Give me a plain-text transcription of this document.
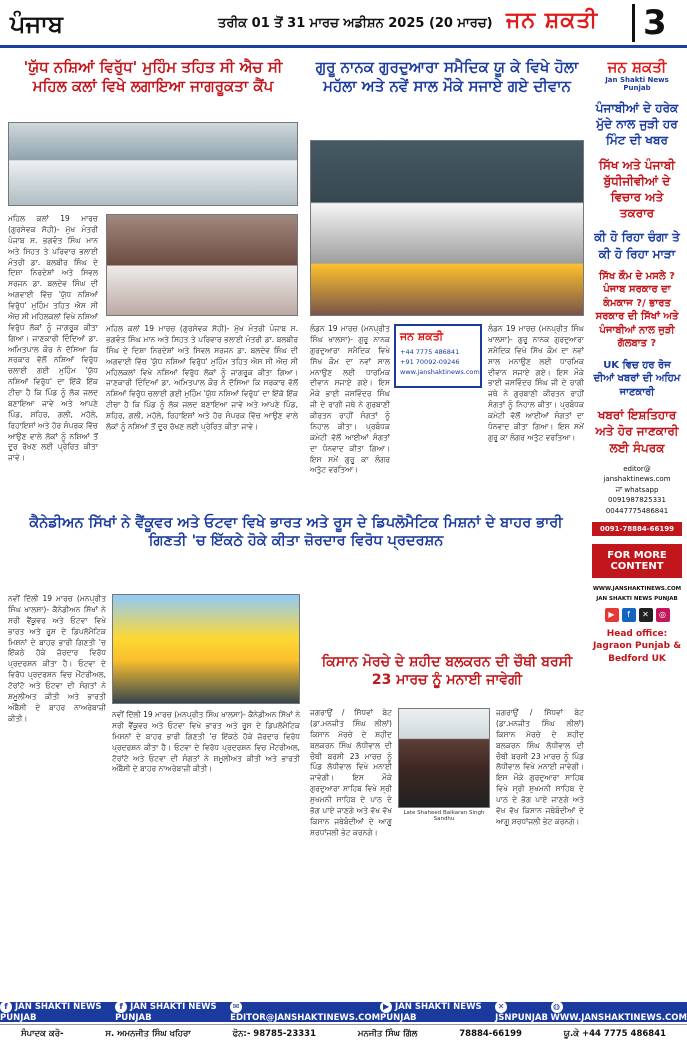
ਪੰਜਾਬ	ਤਰੀਕ 01 ਤੋਂ 31 ਮਾਰਚ ਅਡੀਸ਼ਨ 2025 (20 ਮਾਰਚ) ਜਨ ਸ਼ਕਤੀ	3
'ਯੁੱਧ ਨਸ਼ਿਆਂ ਵਿਰੁੱਧ' ਮੁਹਿੰਮ ਤਹਿਤ ਸੀ ਐਚ ਸੀ ਮਹਿਲ ਕਲਾਂ ਵਿਖੇ ਲਗਾਇਆ ਜਾਗਰੂਕਤਾ ਕੈਂਪ
ਮਹਿਲ ਕਲਾਂ 19 ਮਾਰਚ (ਗੁਰਸੇਵਕ ਸੋਹੀ)- ਮੁੱਖ ਮੰਤਰੀ ਪੰਜਾਬ ਸ. ਭਗਵੰਤ ਸਿੰਘ ਮਾਨ ਅਤੇ ਸਿਹਤ ਤੇ ਪਰਿਵਾਰ ਭਲਾਈ ਮੰਤਰੀ ਡਾ. ਬਲਬੀਰ ਸਿੰਘ ਦੇ ਦਿਸ਼ਾ ਨਿਰਦੇਸ਼ਾਂ ਅਤੇ ਸਿਵਲ ਸਰਜਨ ਡਾ. ਬਲਦੇਵ ਸਿੰਘ ਦੀ ਅਗਵਾਈ ਵਿੱਚ 'ਯੁੱਧ ਨਸ਼ਿਆਂ ਵਿਰੁੱਧ' ਮੁਹਿੰਮ ਤਹਿਤ ਐਸ ਸੀ ਐਚ ਸੀ ਮਹਿਲਕਲਾਂ ਵਿਖੇ ਨਸ਼ਿਆਂ ਵਿਰੁੱਧ ਲੋਕਾਂ ਨੂੰ ਜਾਗਰੂਕ ਕੀਤਾ ਗਿਆ। ਜਾਣਕਾਰੀ ਦਿੰਦਿਆਂ ਡਾ. ਅਮਿਤਪਾਲ ਕੌਰ ਨੇ ਦੱਸਿਆ ਕਿ ਸਰਕਾਰ ਵੱਲੋਂ ਨਸ਼ਿਆਂ ਵਿਰੁੱਧ ਚਲਾਈ ਗਈ ਮੁਹਿੰਮ 'ਯੁੱਧ ਨਸ਼ਿਆਂ ਵਿਰੁੱਧ' ਦਾ ਇੱਕੋ ਇੱਕ ਟੀਚਾ ਹੈ ਕਿ ਪਿੰਡ ਨੂੰ ਲੋਕ ਜਲਦ ਬਣਾਇਆ ਜਾਵੇ ਅਤੇ ਆਪਣੇ ਪਿੰਡ, ਸ਼ਹਿਰ, ਗਲੀ, ਮਹੱਲੇ, ਰਿਹਾਇਸ਼ਾਂ ਅਤੇ ਹੋਰ ਸੰਪਰਕ ਵਿੱਚ ਆਉਣ ਵਾਲੇ ਲੋਕਾਂ ਨੂੰ ਨਸ਼ਿਆਂ ਤੋਂ ਦੂਰ ਰੱਖਣ ਲਈ ਪ੍ਰੇਰਿਤ ਕੀਤਾ ਜਾਵੇ।
ਮਹਿਲ ਕਲਾਂ 19 ਮਾਰਚ (ਗੁਰਸੇਵਕ ਸੋਹੀ)- ਮੁੱਖ ਮੰਤਰੀ ਪੰਜਾਬ ਸ. ਭਗਵੰਤ ਸਿੰਘ ਮਾਨ ਅਤੇ ਸਿਹਤ ਤੇ ਪਰਿਵਾਰ ਭਲਾਈ ਮੰਤਰੀ ਡਾ. ਬਲਬੀਰ ਸਿੰਘ ਦੇ ਦਿਸ਼ਾ ਨਿਰਦੇਸ਼ਾਂ ਅਤੇ ਸਿਵਲ ਸਰਜਨ ਡਾ. ਬਲਦੇਵ ਸਿੰਘ ਦੀ ਅਗਵਾਈ ਵਿੱਚ 'ਯੁੱਧ ਨਸ਼ਿਆਂ ਵਿਰੁੱਧ' ਮੁਹਿੰਮ ਤਹਿਤ ਐਸ ਸੀ ਐਚ ਸੀ ਮਹਿਲਕਲਾਂ ਵਿਖੇ ਨਸ਼ਿਆਂ ਵਿਰੁੱਧ ਲੋਕਾਂ ਨੂੰ ਜਾਗਰੂਕ ਕੀਤਾ ਗਿਆ। ਜਾਣਕਾਰੀ ਦਿੰਦਿਆਂ ਡਾ. ਅਮਿਤਪਾਲ ਕੌਰ ਨੇ ਦੱਸਿਆ ਕਿ ਸਰਕਾਰ ਵੱਲੋਂ ਨਸ਼ਿਆਂ ਵਿਰੁੱਧ ਚਲਾਈ ਗਈ ਮੁਹਿੰਮ 'ਯੁੱਧ ਨਸ਼ਿਆਂ ਵਿਰੁੱਧ' ਦਾ ਇੱਕੋ ਇੱਕ ਟੀਚਾ ਹੈ ਕਿ ਪਿੰਡ ਨੂੰ ਲੋਕ ਜਲਦ ਬਣਾਇਆ ਜਾਵੇ ਅਤੇ ਆਪਣੇ ਪਿੰਡ, ਸ਼ਹਿਰ, ਗਲੀ, ਮਹੱਲੇ, ਰਿਹਾਇਸ਼ਾਂ ਅਤੇ ਹੋਰ ਸੰਪਰਕ ਵਿੱਚ ਆਉਣ ਵਾਲੇ ਲੋਕਾਂ ਨੂੰ ਨਸ਼ਿਆਂ ਤੋਂ ਦੂਰ ਰੱਖਣ ਲਈ ਪ੍ਰੇਰਿਤ ਕੀਤਾ ਜਾਵੇ।
ਗੁਰੂ ਨਾਨਕ ਗੁਰਦੁਆਰਾ ਸਮੈਦਿਕ ਯੂ ਕੇ ਵਿਖੇ ਹੋਲਾ ਮਹੱਲਾ ਅਤੇ ਨਵੇਂ ਸਾਲ ਮੌਕੇ ਸਜਾਏ ਗਏ ਦੀਵਾਨ
ਲੰਡਨ 19 ਮਾਰਚ (ਮਨਪ੍ਰੀਤ ਸਿੰਘ ਖਾਲਸਾ)- ਗੁਰੂ ਨਾਨਕ ਗੁਰਦੁਆਰਾ ਸਮੈਦਿਕ ਵਿਖੇ ਸਿੱਖ ਕੌਮ ਦਾ ਨਵਾਂ ਸਾਲ ਮਨਾਉਣ ਲਈ ਧਾਰਮਿਕ ਦੀਵਾਨ ਸਜਾਏ ਗਏ। ਇਸ ਮੌਕੇ ਭਾਈ ਜਸਵਿੰਦਰ ਸਿੰਘ ਜੀ ਦੇ ਰਾਗੀ ਜਥੇ ਨੇ ਗੁਰਬਾਣੀ ਕੀਰਤਨ ਰਾਹੀਂ ਸੰਗਤਾਂ ਨੂੰ ਨਿਹਾਲ ਕੀਤਾ। ਪ੍ਰਬੰਧਕ ਕਮੇਟੀ ਵੱਲੋਂ ਆਈਆਂ ਸੰਗਤਾਂ ਦਾ ਧੰਨਵਾਦ ਕੀਤਾ ਗਿਆ। ਇਸ ਸਮੇਂ ਗੁਰੂ ਕਾ ਲੰਗਰ ਅਤੁੱਟ ਵਰਤਿਆ।
ਲੰਡਨ 19 ਮਾਰਚ (ਮਨਪ੍ਰੀਤ ਸਿੰਘ ਖਾਲਸਾ)- ਗੁਰੂ ਨਾਨਕ ਗੁਰਦੁਆਰਾ ਸਮੈਦਿਕ ਵਿਖੇ ਸਿੱਖ ਕੌਮ ਦਾ ਨਵਾਂ ਸਾਲ ਮਨਾਉਣ ਲਈ ਧਾਰਮਿਕ ਦੀਵਾਨ ਸਜਾਏ ਗਏ। ਇਸ ਮੌਕੇ ਭਾਈ ਜਸਵਿੰਦਰ ਸਿੰਘ ਜੀ ਦੇ ਰਾਗੀ ਜਥੇ ਨੇ ਗੁਰਬਾਣੀ ਕੀਰਤਨ ਰਾਹੀਂ ਸੰਗਤਾਂ ਨੂੰ ਨਿਹਾਲ ਕੀਤਾ। ਪ੍ਰਬੰਧਕ ਕਮੇਟੀ ਵੱਲੋਂ ਆਈਆਂ ਸੰਗਤਾਂ ਦਾ ਧੰਨਵਾਦ ਕੀਤਾ ਗਿਆ। ਇਸ ਸਮੇਂ ਗੁਰੂ ਕਾ ਲੰਗਰ ਅਤੁੱਟ ਵਰਤਿਆ।
ਜਨ ਸ਼ਕਤੀ
+44 7775 486841
+91 70092-09246
www.janshaktinews.com
ਕੈਨੇਡੀਅਨ ਸਿੱਖਾਂ ਨੇ ਵੈਂਕੂਵਰ ਅਤੇ ਓਟਵਾ ਵਿਖੇ ਭਾਰਤ ਅਤੇ ਰੂਸ ਦੇ ਡਿਪਲੋਮੈਟਿਕ ਮਿਸ਼ਨਾਂ ਦੇ ਬਾਹਰ ਭਾਰੀ ਗਿਣਤੀ 'ਚ ਇੱਕਠੇ ਹੋਕੇ ਕੀਤਾ ਜ਼ੋਰਦਾਰ ਵਿਰੋਧ ਪ੍ਰਦਰਸ਼ਨ
ਨਵੀਂ ਦਿੱਲੀ 19 ਮਾਰਚ (ਮਨਪ੍ਰੀਤ ਸਿੰਘ ਖਾਲਸਾ)- ਕੈਨੇਡੀਅਨ ਸਿੱਖਾਂ ਨੇ ਸਰੀ ਵੈਂਕੂਵਰ ਅਤੇ ਓਟਵਾ ਵਿਖੇ ਭਾਰਤ ਅਤੇ ਰੂਸ ਦੇ ਡਿਪਲੋਮੈਟਿਕ ਮਿਸ਼ਨਾਂ ਦੇ ਬਾਹਰ ਭਾਰੀ ਗਿਣਤੀ 'ਚ ਇੱਕਠੇ ਹੋਕੇ ਜ਼ੋਰਦਾਰ ਵਿਰੋਧ ਪ੍ਰਦਰਸ਼ਨ ਕੀਤਾ ਹੈ। ਓਟਵਾ ਦੇ ਵਿਰੋਧ ਪ੍ਰਦਰਸ਼ਨ ਵਿਚ ਮੌਂਟਰੀਅਲ, ਟੋਰਾਂਟੋ ਅਤੇ ਓਟਵਾ ਦੀ ਸੰਗਤਾਂ ਨੇ ਸ਼ਮੂਲੀਅਤ ਕੀਤੀ ਅਤੇ ਭਾਰਤੀ ਅੰਬੈਸੀ ਦੇ ਬਾਹਰ ਨਾਅਰੇਬਾਜ਼ੀ ਕੀਤੀ।	ਨਵੀਂ ਦਿੱਲੀ 19 ਮਾਰਚ (ਮਨਪ੍ਰੀਤ ਸਿੰਘ ਖਾਲਸਾ)- ਕੈਨੇਡੀਅਨ ਸਿੱਖਾਂ ਨੇ ਸਰੀ ਵੈਂਕੂਵਰ ਅਤੇ ਓਟਵਾ ਵਿਖੇ ਭਾਰਤ ਅਤੇ ਰੂਸ ਦੇ ਡਿਪਲੋਮੈਟਿਕ ਮਿਸ਼ਨਾਂ ਦੇ ਬਾਹਰ ਭਾਰੀ ਗਿਣਤੀ 'ਚ ਇੱਕਠੇ ਹੋਕੇ ਜ਼ੋਰਦਾਰ ਵਿਰੋਧ ਪ੍ਰਦਰਸ਼ਨ ਕੀਤਾ ਹੈ। ਓਟਵਾ ਦੇ ਵਿਰੋਧ ਪ੍ਰਦਰਸ਼ਨ ਵਿਚ ਮੌਂਟਰੀਅਲ, ਟੋਰਾਂਟੋ ਅਤੇ ਓਟਵਾ ਦੀ ਸੰਗਤਾਂ ਨੇ ਸ਼ਮੂਲੀਅਤ ਕੀਤੀ ਅਤੇ ਭਾਰਤੀ ਅੰਬੈਸੀ ਦੇ ਬਾਹਰ ਨਾਅਰੇਬਾਜ਼ੀ ਕੀਤੀ।
ਕਿਸਾਨ ਮੋਰਚੇ ਦੇ ਸ਼ਹੀਦ ਬਲਕਰਨ ਦੀ ਚੌਥੀ ਬਰਸੀ 23 ਮਾਰਚ ਨੂੰ ਮਨਾਈ ਜਾਵੇਗੀ
ਜਗਰਾਉਂ / ਸਿੱਧਵਾਂ ਬੇਟ (ਡਾ.ਮਨਜੀਤ ਸਿੰਘ ਲੀਲਾਂ) ਕਿਸਾਨ ਮੋਰਚੇ ਦੇ ਸ਼ਹੀਦ ਬਲਕਰਨ ਸਿੰਘ ਲੋਧੀਵਾਲ ਦੀ ਚੌਥੀ ਬਰਸੀ 23 ਮਾਰਚ ਨੂੰ ਪਿੰਡ ਲੋਧੀਵਾਲ ਵਿਖੇ ਮਨਾਈ ਜਾਵੇਗੀ। ਇਸ ਮੌਕੇ ਗੁਰਦੁਆਰਾ ਸਾਹਿਬ ਵਿਖੇ ਸ੍ਰੀ ਸੁਖਮਨੀ ਸਾਹਿਬ ਦੇ ਪਾਠ ਦੇ ਭੋਗ ਪਾਏ ਜਾਣਗੇ ਅਤੇ ਵੱਖ ਵੱਖ ਕਿਸਾਨ ਜਥੇਬੰਦੀਆਂ ਦੇ ਆਗੂ ਸ਼ਰਧਾਂਜਲੀ ਭੇਟ ਕਰਨਗੇ।
Late Shaheed Balkaran Singh Sandhu
ਜਗਰਾਉਂ / ਸਿੱਧਵਾਂ ਬੇਟ (ਡਾ.ਮਨਜੀਤ ਸਿੰਘ ਲੀਲਾਂ) ਕਿਸਾਨ ਮੋਰਚੇ ਦੇ ਸ਼ਹੀਦ ਬਲਕਰਨ ਸਿੰਘ ਲੋਧੀਵਾਲ ਦੀ ਚੌਥੀ ਬਰਸੀ 23 ਮਾਰਚ ਨੂੰ ਪਿੰਡ ਲੋਧੀਵਾਲ ਵਿਖੇ ਮਨਾਈ ਜਾਵੇਗੀ। ਇਸ ਮੌਕੇ ਗੁਰਦੁਆਰਾ ਸਾਹਿਬ ਵਿਖੇ ਸ੍ਰੀ ਸੁਖਮਨੀ ਸਾਹਿਬ ਦੇ ਪਾਠ ਦੇ ਭੋਗ ਪਾਏ ਜਾਣਗੇ ਅਤੇ ਵੱਖ ਵੱਖ ਕਿਸਾਨ ਜਥੇਬੰਦੀਆਂ ਦੇ ਆਗੂ ਸ਼ਰਧਾਂਜਲੀ ਭੇਟ ਕਰਨਗੇ।
ਜਨ ਸ਼ਕਤੀ
Jan Shakti News Punjab
ਪੰਜਾਬੀਆਂ ਦੇ ਹਰੇਕ ਮੁੱਦੇ ਨਾਲ ਜੁੜੀ ਹਰ ਮਿੰਟ ਦੀ ਖਬਰ
ਸਿੱਖ ਅਤੇ ਪੰਜਾਬੀ ਬੁੱਧੀਜੀਵੀਆਂ ਦੇ ਵਿਚਾਰ ਅਤੇ ਤਕਰਾਰ
ਕੀ ਹੋ ਰਿਹਾ ਚੰਗਾ ਤੇ ਕੀ ਹੋ ਰਿਹਾ ਮਾੜਾ
ਸਿੱਖ ਕੌਮ ਦੇ ਮਸਲੇ ? ਪੰਜਾਬ ਸਰਕਾਰ ਦਾ ਕੰਮਕਾਜ ?/ ਭਾਰਤ ਸਰਕਾਰ ਦੀ ਸਿੱਖਾਂ ਅਤੇ ਪੰਜਾਬੀਆਂ ਨਾਲ ਜੁੜੀ ਗੱਲਬਾਤ ?
UK ਵਿਚ ਹਰ ਰੋਜ ਦੀਆਂ ਖਬਰਾਂ ਦੀ ਅਹਿਮ ਜਾਣਕਾਰੀ
ਖਬਰਾਂ ਇਸ਼ਤਿਹਾਰ ਅਤੇ ਹੋਰ ਜਾਣਕਾਰੀ ਲਈ ਸੰਪਰਕ
editor@
janshaktinews.com
ਜਾਂ whatsapp
0091987825331
00447775486841
0091-78884-66199
FOR MORE CONTENT
WWW.JANSHAKTINEWS.COM
JAN SHAKTI NEWS PUNJAB
▶	f	✕	◎
Head office: Jagraon Punjab & Bedford UK
f JAN SHAKTI NEWS PUNJAB
f JAN SHAKTI NEWS PUNJAB
✉EDITOR@JANSHAKTINEWS.COM
▶ JAN SHAKTI NEWS PUNJAB
✕JSNPUNJAB
◍WWW.JANSHAKTINEWS.COM
ਸੰਪਾਦਕ ਕਰੋ-	ਸ. ਅਮਨਜੀਤ ਸਿੰਘ ਖਹਿਰਾ	ਫੋਨ:- 98785-23331	ਮਨਜੀਤ ਸਿੰਘ ਗਿੱਲ	78884-66199	ਯੂ.ਕੇ +44 7775 486841
